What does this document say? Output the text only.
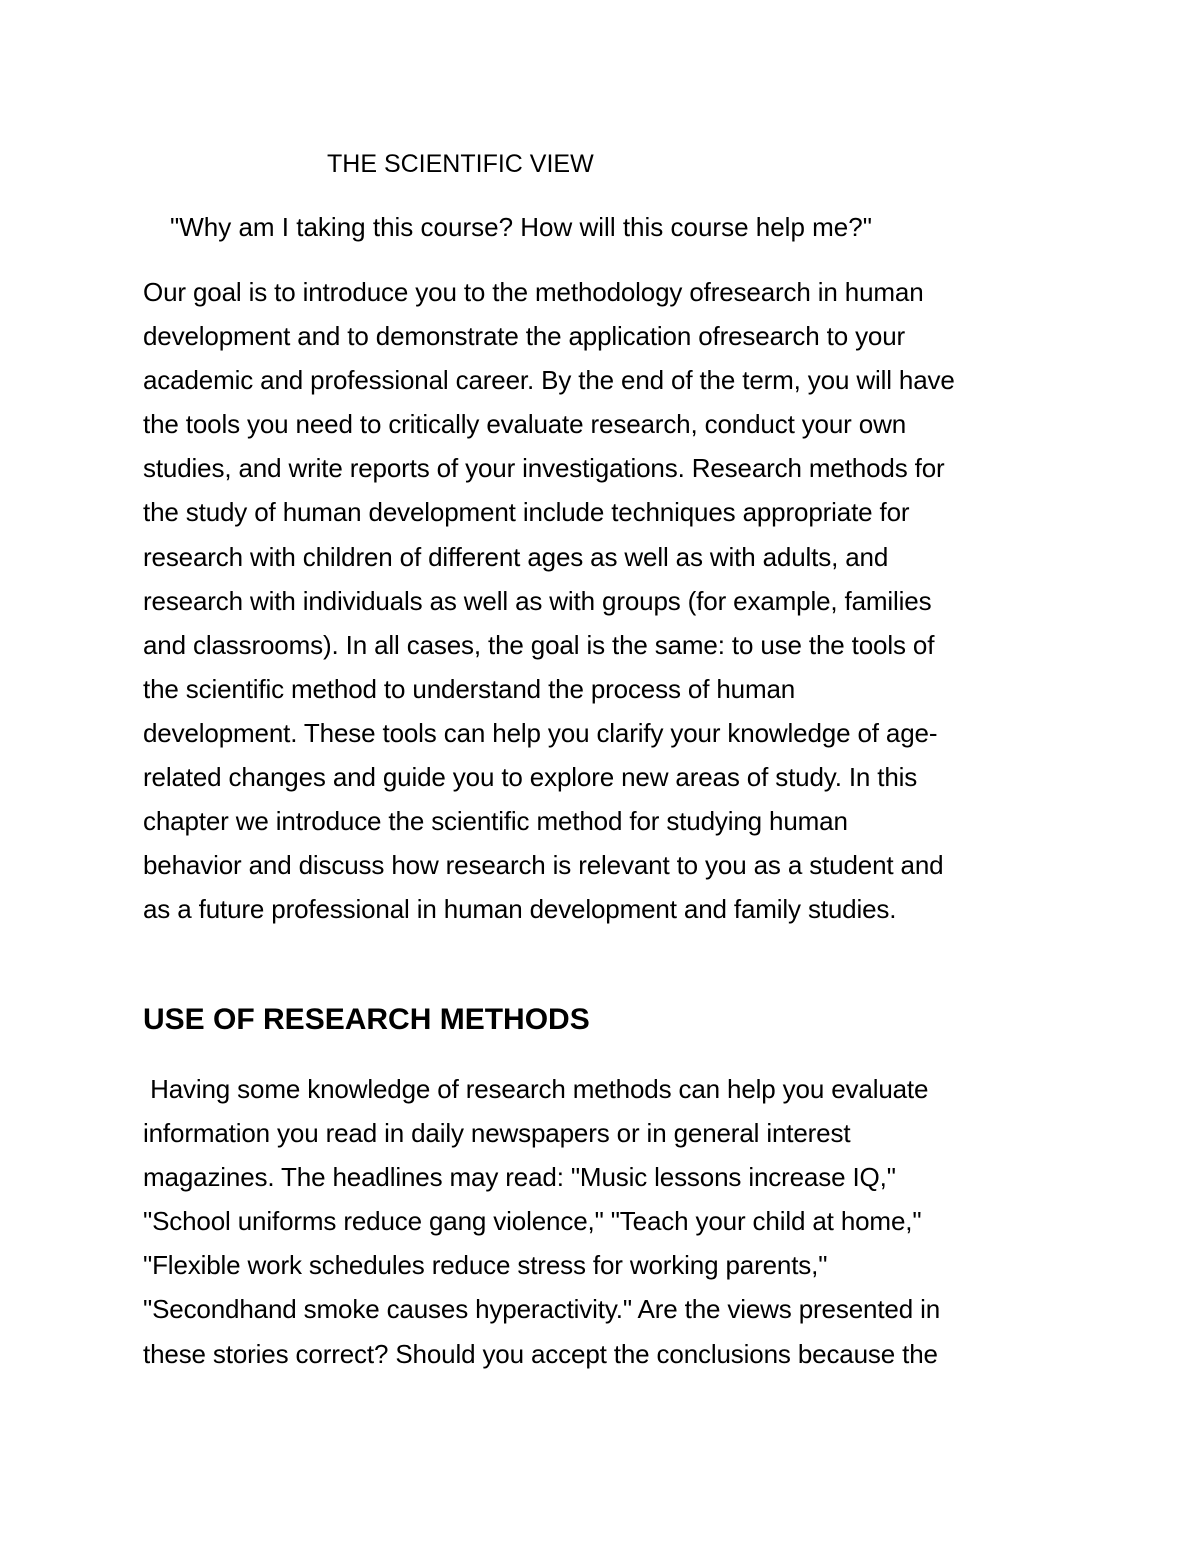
THE SCIENTIFIC VIEW

"Why am I taking this course? How will this course help me?"

Our goal is to introduce you to the methodology ofresearch in human
development and to demonstrate the application ofresearch to your
academic and professional career. By the end of the term, you will have
the tools you need to critically evaluate research, conduct your own
studies, and write reports of your investigations. Research methods for
the study of human development include techniques appropriate for
research with children of different ages as well as with adults, and
research with individuals as well as with groups (for example, families
and classrooms). In all cases, the goal is the same: to use the tools of
the scientific method to understand the process of human
development. These tools can help you clarify your knowledge of age-
related changes and guide you to explore new areas of study. In this
chapter we introduce the scientific method for studying human
behavior and discuss how research is relevant to you as a student and
as a future professional in human development and family studies.
USE OF RESEARCH METHODS
Having some knowledge of research methods can help you evaluate
information you read in daily newspapers or in general interest
magazines. The headlines may read: "Music lessons increase IQ,"
"School uniforms reduce gang violence," "Teach your child at home,"
"Flexible work schedules reduce stress for working parents,"
"Secondhand smoke causes hyperactivity." Are the views presented in
these stories correct? Should you accept the conclusions because the
